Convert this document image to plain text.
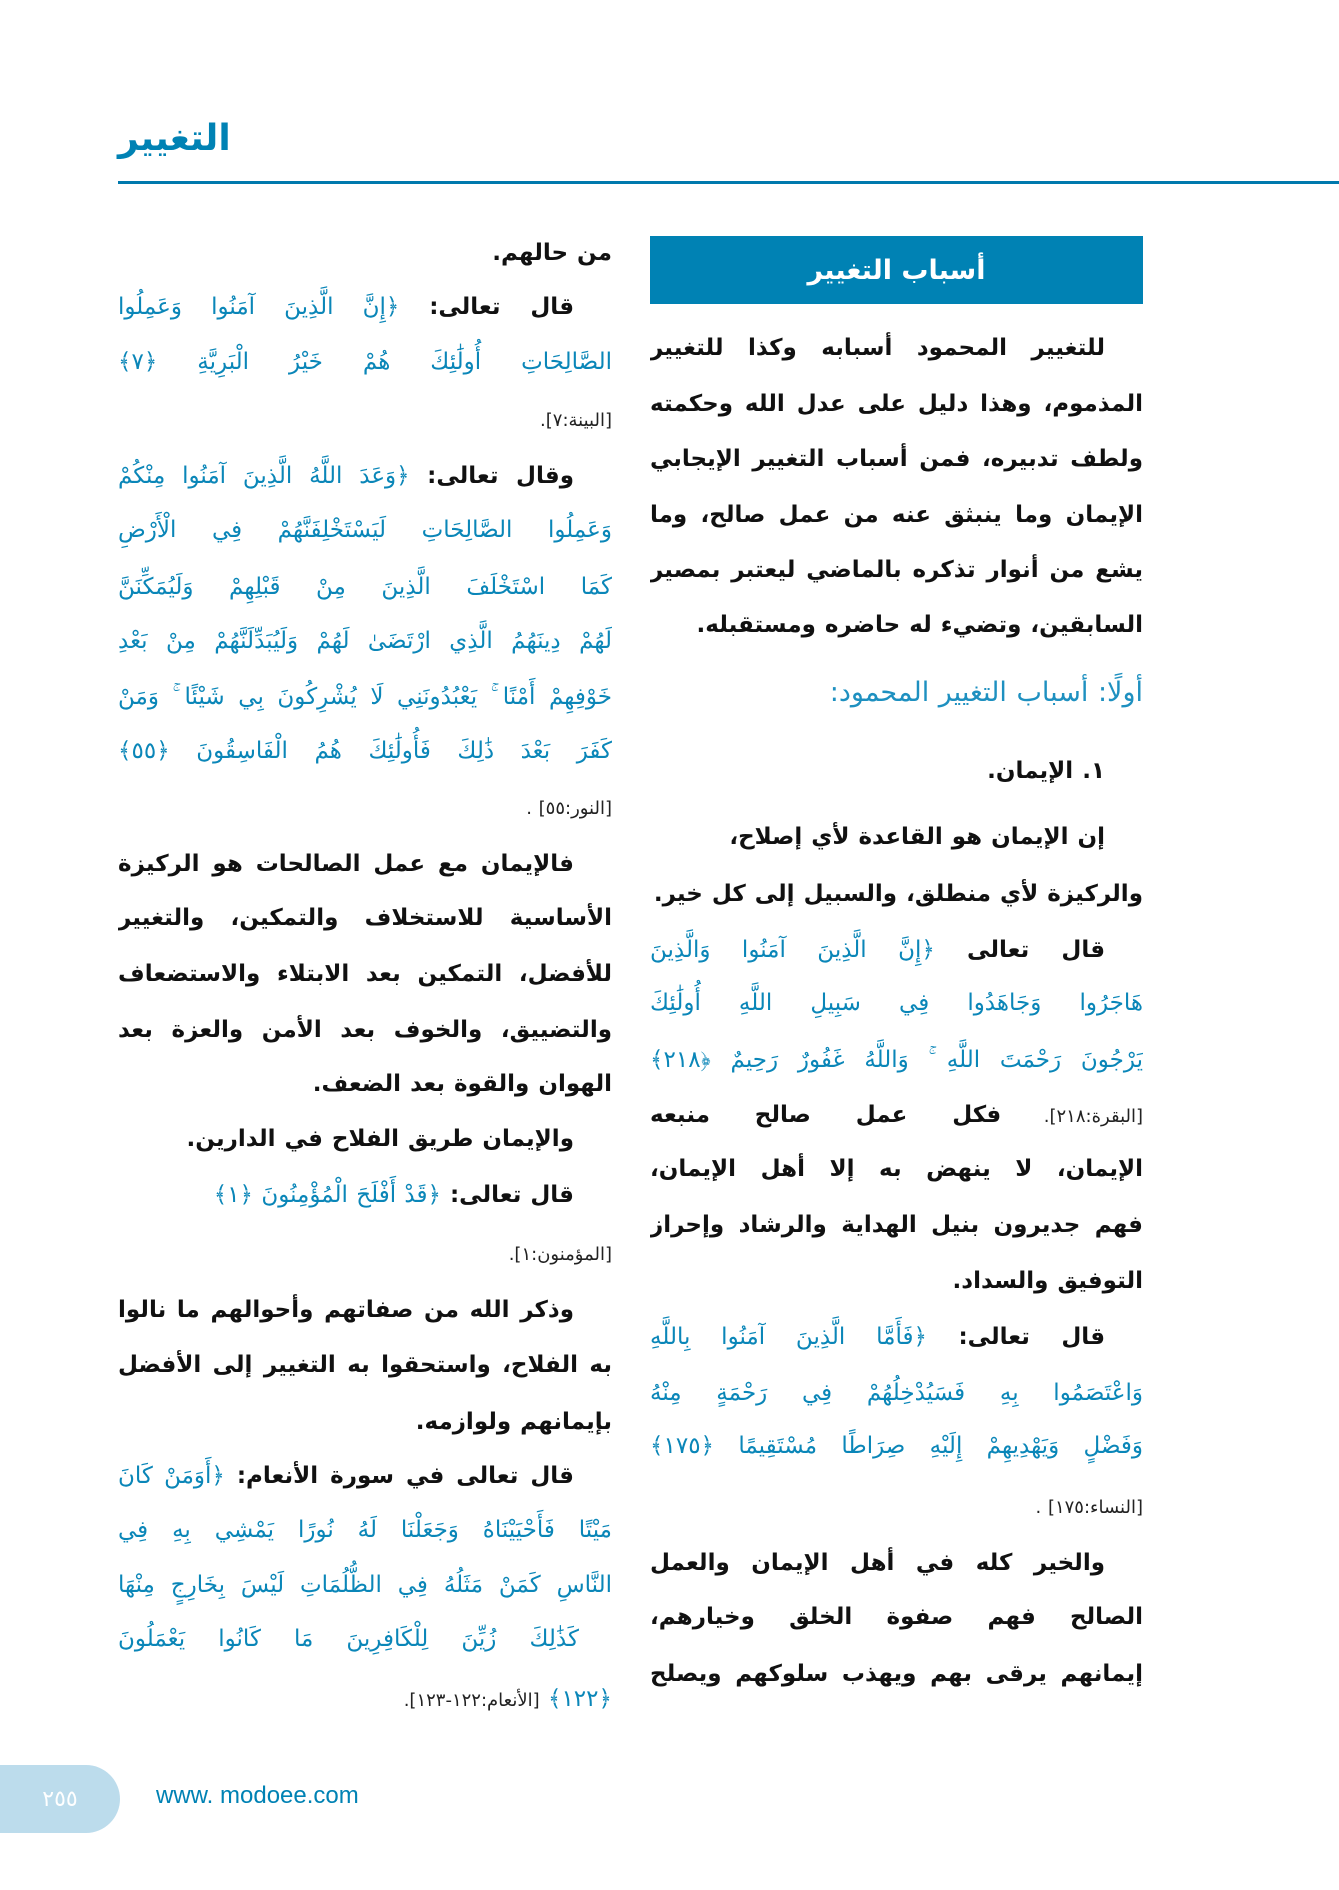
التغيير
أسباب التغيير
للتغيير المحمود أسبابه وكذا للتغيير
المذموم، وهذا دليل على عدل الله وحكمته
ولطف تدبيره، فمن أسباب التغيير الإيجابي
الإيمان وما ينبثق عنه من عمل صالح، وما
يشع من أنوار تذكره بالماضي ليعتبر بمصير
السابقين، وتضيء له حاضره ومستقبله.
أولًا: أسباب التغيير المحمود:
١. الإيمان.
إن الإيمان هو القاعدة لأي إصلاح،
والركيزة لأي منطلق، والسبيل إلى كل خير.
قال تعالى ﴿إِنَّ الَّذِينَ آمَنُوا وَالَّذِينَ
هَاجَرُوا وَجَاهَدُوا فِي سَبِيلِ اللَّهِ أُولَٰئِكَ
يَرْجُونَ رَحْمَتَ اللَّهِ ۚ وَاللَّهُ غَفُورٌ رَحِيمٌ ﴿٢١٨﴾
[البقرة:٢١٨]. فكل عمل صالح منبعه
الإيمان، لا ينهض به إلا أهل الإيمان،
فهم جديرون بنيل الهداية والرشاد وإحراز
التوفيق والسداد.
قال تعالى: ﴿فَأَمَّا الَّذِينَ آمَنُوا بِاللَّهِ
وَاعْتَصَمُوا بِهِ فَسَيُدْخِلُهُمْ فِي رَحْمَةٍ مِنْهُ
وَفَضْلٍ وَيَهْدِيهِمْ إِلَيْهِ صِرَاطًا مُسْتَقِيمًا ﴿١٧٥﴾
[النساء:١٧٥] .
والخير كله في أهل الإيمان والعمل
الصالح فهم صفوة الخلق وخيارهم،
إيمانهم يرقى بهم ويهذب سلوكهم ويصلح
من حالهم.
قال تعالى: ﴿إِنَّ الَّذِينَ آمَنُوا وَعَمِلُوا
الصَّالِحَاتِ أُولَٰئِكَ هُمْ خَيْرُ الْبَرِيَّةِ ﴿٧﴾
[البينة:٧].
وقال تعالى: ﴿وَعَدَ اللَّهُ الَّذِينَ آمَنُوا مِنْكُمْ
وَعَمِلُوا الصَّالِحَاتِ لَيَسْتَخْلِفَنَّهُمْ فِي الْأَرْضِ
كَمَا اسْتَخْلَفَ الَّذِينَ مِنْ قَبْلِهِمْ وَلَيُمَكِّنَنَّ
لَهُمْ دِينَهُمُ الَّذِي ارْتَضَىٰ لَهُمْ وَلَيُبَدِّلَنَّهُمْ مِنْ بَعْدِ
خَوْفِهِمْ أَمْنًا ۚ يَعْبُدُونَنِي لَا يُشْرِكُونَ بِي شَيْئًا ۚ وَمَنْ
كَفَرَ بَعْدَ ذَٰلِكَ فَأُولَٰئِكَ هُمُ الْفَاسِقُونَ ﴿٥٥﴾
[النور:٥٥] .
فالإيمان مع عمل الصالحات هو الركيزة
الأساسية للاستخلاف والتمكين، والتغيير
للأفضل، التمكين بعد الابتلاء والاستضعاف
والتضييق، والخوف بعد الأمن والعزة بعد
الهوان والقوة بعد الضعف.
والإيمان طريق الفلاح في الدارين.
قال تعالى: ﴿قَدْ أَفْلَحَ الْمُؤْمِنُونَ ﴿١﴾
[المؤمنون:١].
وذكر الله من صفاتهم وأحوالهم ما نالوا
به الفلاح، واستحقوا به التغيير إلى الأفضل
بإيمانهم ولوازمه.
قال تعالى في سورة الأنعام: ﴿أَوَمَنْ كَانَ
مَيْتًا فَأَحْيَيْنَاهُ وَجَعَلْنَا لَهُ نُورًا يَمْشِي بِهِ فِي
النَّاسِ كَمَنْ مَثَلُهُ فِي الظُّلُمَاتِ لَيْسَ بِخَارِجٍ مِنْهَا
ۚ كَذَٰلِكَ زُيِّنَ لِلْكَافِرِينَ مَا كَانُوا يَعْمَلُونَ
﴿١٢٢﴾ [الأنعام:١٢٢-١٢٣].
٢٥٥	www. modoee.com
